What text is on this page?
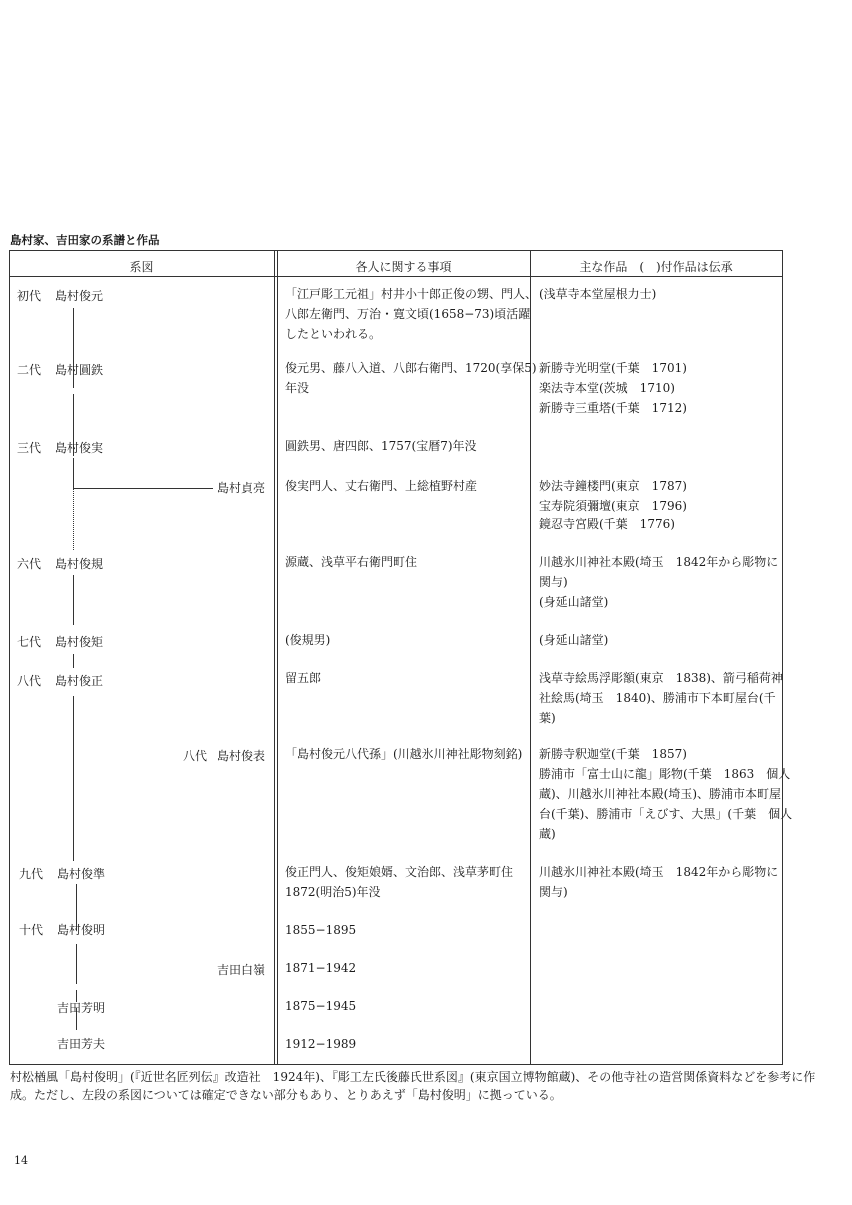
島村家、吉田家の系譜と作品
系図	各人に関する事項	主な作品　(　)付作品は伝承
初代 島村俊元
二代 島村圓鉄
三代 島村俊実
島村貞亮
六代 島村俊規
七代 島村俊矩
八代 島村俊正
八代 島村俊表
九代 島村俊準
十代 島村俊明
吉田白嶺
吉田芳明
吉田芳夫
「江戸彫工元祖」村井小十郎正俊の甥、門人、
八郎左衛門、万治・寛文頃(1658−73)頃活躍
したといわれる。
俊元男、藤八入道、八郎右衛門、1720(享保5)
年没
圓鉄男、唐四郎、1757(宝暦7)年没
俊実門人、丈右衛門、上総植野村産
源蔵、浅草平右衛門町住
(俊規男)
留五郎
「島村俊元八代孫」(川越氷川神社彫物刻銘)
俊正門人、俊矩娘婿、文治郎、浅草茅町住
1872(明治5)年没
1855−1895
1871−1942
1875−1945
1912−1989
(浅草寺本堂屋根力士)
新勝寺光明堂(千葉　1701)
楽法寺本堂(茨城　1710)
新勝寺三重塔(千葉　1712)
妙法寺鐘楼門(東京　1787)
宝寿院須彌壇(東京　1796)
鏡忍寺宮殿(千葉　1776)
川越氷川神社本殿(埼玉　1842年から彫物に
関与)
(身延山諸堂)
(身延山諸堂)
浅草寺絵馬浮彫額(東京　1838)、箭弓稲荷神
社絵馬(埼玉　1840)、勝浦市下本町屋台(千
葉)
新勝寺釈迦堂(千葉　1857)
勝浦市「富士山に龍」彫物(千葉　1863　個人
蔵)、川越氷川神社本殿(埼玉)、勝浦市本町屋
台(千葉)、勝浦市「えびす、大黒」(千葉　個人
蔵)
川越氷川神社本殿(埼玉　1842年から彫物に
関与)
村松楢風「島村俊明」(『近世名匠列伝』改造社　1924年)、『彫工左氏後藤氏世系図』(東京国立博物館蔵)、その他寺社の造営関係資料などを参考に作
成。ただし、左段の系図については確定できない部分もあり、とりあえず「島村俊明」に拠っている。
14
